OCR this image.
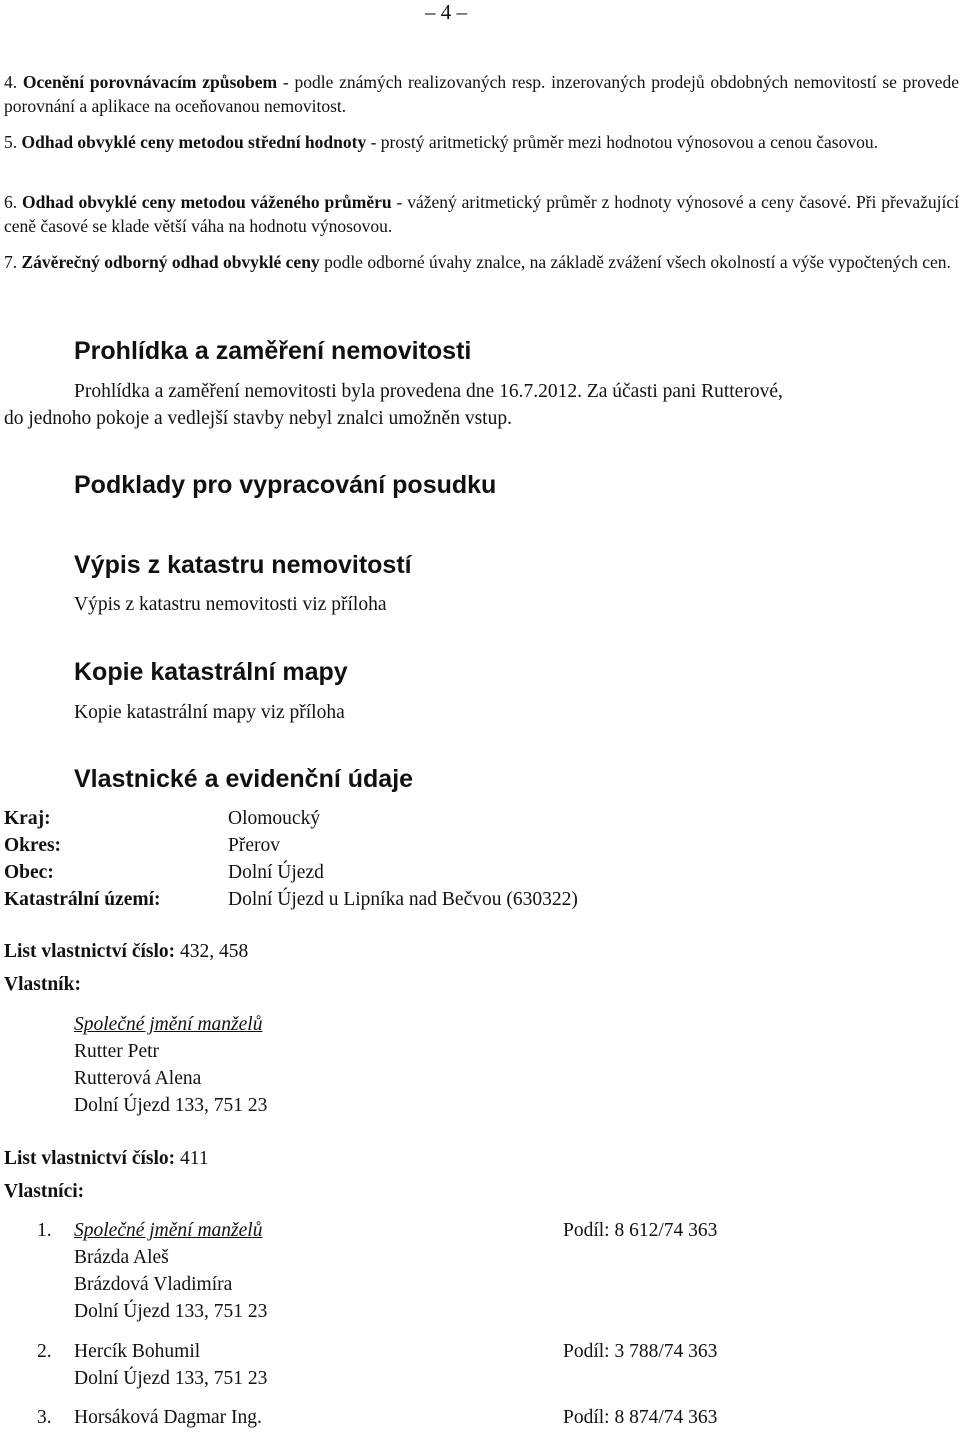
– 4 –
4. Ocenění porovnávacím způsobem - podle známých realizovaných resp. inzerovaných prodejů obdobných nemovitostí se provede porovnání a aplikace na oceňovanou nemovitost.
5. Odhad obvyklé ceny metodou střední hodnoty - prostý aritmetický průměr mezi hodnotou výnosovou a cenou časovou.
6. Odhad obvyklé ceny metodou váženého průměru - vážený aritmetický průměr z hodnoty výnosové a ceny časové. Při převažující ceně časové se klade větší váha na hodnotu výnosovou.
7. Závěrečný odborný odhad obvyklé ceny podle odborné úvahy znalce, na základě zvážení všech okolností a výše vypočtených cen.
Prohlídka a zaměření nemovitosti
Prohlídka a zaměření nemovitosti byla provedena dne 16.7.2012. Za účasti pani Rutterové,
do jednoho pokoje a vedlejší stavby nebyl znalci umožněn vstup.
Podklady pro vypracování posudku
Výpis z katastru nemovitostí
Výpis z katastru nemovitosti viz příloha
Kopie katastrální mapy
Kopie katastrální mapy viz příloha
Vlastnické a evidenční údaje
Kraj:	Olomoucký
Okres:	Přerov
Obec:	Dolní Újezd
Katastrální území:	Dolní Újezd u Lipníka nad Bečvou (630322)
List vlastnictví číslo: 432, 458
Vlastník:
Společné jmění manželů
Rutter Petr
Rutterová Alena
Dolní Újezd 133, 751 23
List vlastnictví číslo: 411
Vlastníci:
1. Společné jmění manželů	Podíl: 8 612/74 363
Brázda Aleš
Brázdová Vladimíra
Dolní Újezd 133, 751 23
2. Hercík Bohumil	Podíl: 3 788/74 363
Dolní Újezd 133, 751 23
3. Horsáková Dagmar Ing.	Podíl: 8 874/74 363
